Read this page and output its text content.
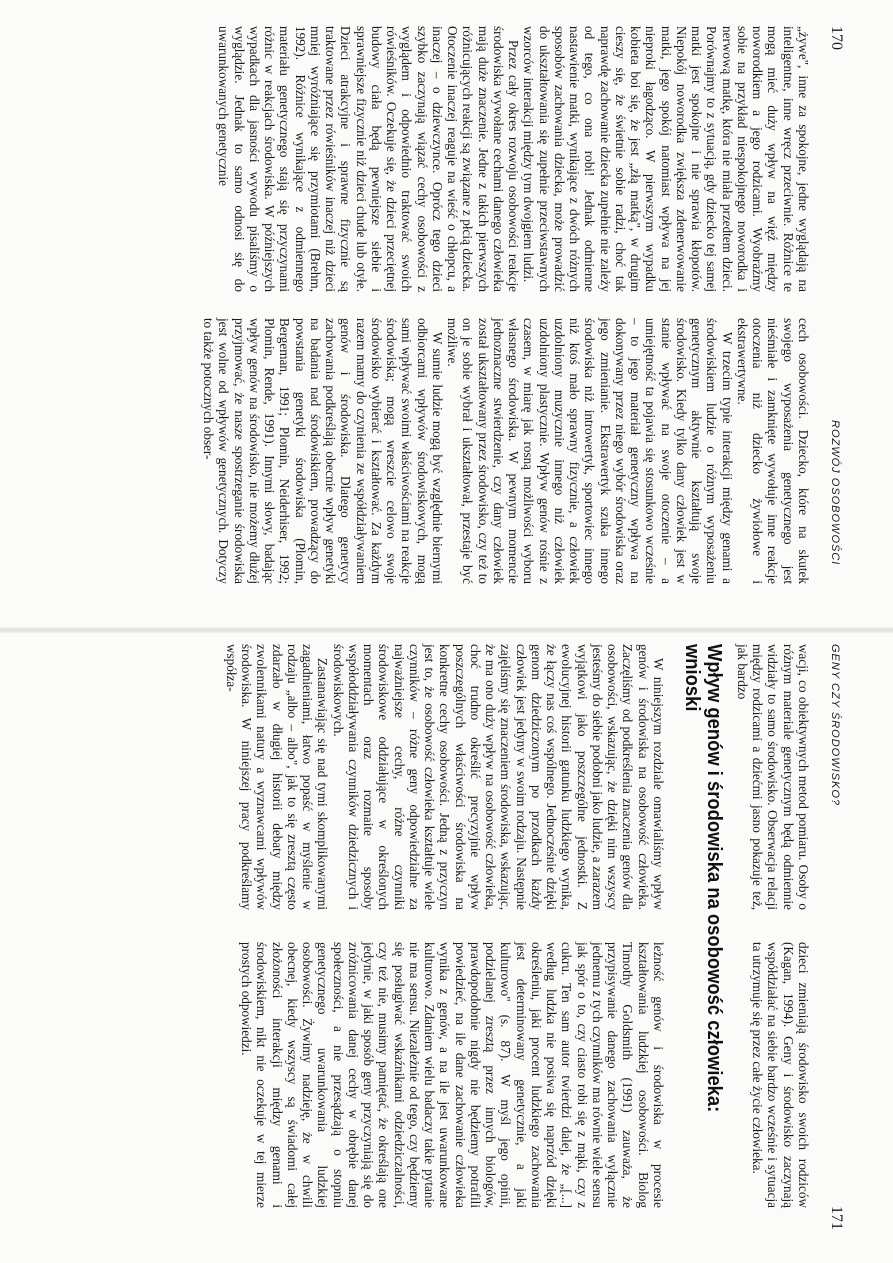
170
ROZWÓJ OSOBOWOŚCI

„żywe", inne za spokojne, jedne wyglądają na inteligentne, inne wręcz przeciwnie. Różnice te mogą mieć duży wpływ na więź między noworodkiem a jego rodzicami. Wyobraźmy sobie na przykład niespokojnego noworodka i nerwową matkę, która nie miała przedtem dzieci. Porównajmy to z sytuacją, gdy dziecko tej samej matki jest spokojne i nie sprawia kłopotów. Niepokój noworodka zwiększa zdenerwowanie matki, jego spokój natomiast wpływa na jej nieproki łagodząco. W pierwszym wypadku kobieta boi się, że jest „złą matką", w drugim cieszy się, że świetnie sobie radzi, choć tak naprawdę zachowanie dziecka zupełnie nie zależy od tego, co ona robi! Jednak odmienne nastawienie matki, wynikające z dwóch różnych sposobów zachowania dziecka, może prowadzić do ukształtowania się zupełnie przeciwstawnych wzorców interakcji między tym dwojgiem ludzi.

Przez cały okres rozwoju osobowości reakcje środowiska wywołane cechami danego człowieka mają duże znaczenie. Jedne z takich pierwszych różnicujących reakcji są związane z płcią dziecka. Otoczenie inaczej reaguje na wieść o chłopcu, a inaczej – o dziewczynce. Oprócz tego dzieci szybko zaczynają wiązać cechy osobowości z wyglądem i odpowiednio traktować swoich rówieśników. Oczekuje się, że dzieci przeciętnej budowy ciała będą pewniejsze siebie i sprawniejsze fizycznie niż dzieci chude lub otyłe. Dzieci atrakcyjne i sprawne fizycznie są traktowane przez rówieśników inaczej niż dzieci mniej wyróżniające się przymiotami (Brehm, 1992). Różnice wynikające z odmiennego materiału genetycznego stają się przyczynami różnic w reakcjach środowiska. W późniejszych wypadkach dla jasności wywodu pisaliśmy o wyglądzie. Jednak to samo odnosi się do uwarunkowanych genetycznie

cech osobowości. Dziecko, które na skutek swojego wyposażenia genetycznego jest nieśmiałe i zamknięte wywołuje inne reakcje otoczenia niż dziecko żywiołowe i ekstrawertywne.

W trzecim typie interakcji między genami a środowiskiem ludzie o różnym wyposażeniu genetycznym aktywnie kształtują swoje środowisko. Kiedy tylko dany człowiek jest w stanie wpływać na swoje otoczenie – a umiejętność ta pojawia się stosunkowo wcześnie – to jego materiał genetyczny wpływa na dokonywany przez niego wybór środowiska oraz jego zmienianie. Ekstrawertyk szuka innego środowiska niż introwertyk, sportowiec innego niż ktoś mało sprawny fizycznie, a człowiek uzdolniony muzycznie innego niż człowiek uzdolniony plastycznie. Wpływ genów rośnie z czasem, w miarę jak rosną możliwości wyboru własnego środowiska. W pewnym momencie jednoznaczne stwierdzenie, czy dany człowiek został ukształtowany przez środowisko, czy też to on je sobie wybrał i ukształtował, przestaje być możliwe.

W sumie ludzie mogą być względnie biernymi odbiorcami wpływów środowiskowych, mogą sami wpływać swoimi właściwościami na reakcje środowiska; mogą wreszcie celowo swoje środowisko wybierać i kształtować. Za każdym razem mamy do czynienia ze współdziaływaniem genów i środowiska. Dlatego genetycy zachowania podkreślają obecnie wpływ genetyki na badania nad środowiskiem, prowadzący do powstania genetyki środowiska (Plomin, Bergeman, 1991; Plomin, Neiderhiser, 1992; Plomin, Rende, 1991). Innymi słowy, badając wpływ genów na środowisko, nie możemy dłużej przyjmować, że nasze spostrzeganie środowiska jest wolne od wpływów genetycznych. Dotyczy to także potocznych obser-

GENY CZY ŚRODOWISKO?
171

wacji, co obiektywnych metod pomiaru. Osoby o różnym materiale genetycznym będą odmiennie widziały to samo środowisko. Obserwacja relacji między rodzicami a dziećmi jasno pokazuje też, jak bardzo

dzieci zmieniają środowisko swoich rodziców (Kagan, 1994). Geny i środowisko zaczynają współdziałać na siebie bardzo wcześnie i sytuacja ta utrzymuje się przez całe życie człowieka.

Wpływ genów i środowiska na osobowość człowieka:
wnioski

W niniejszym rozdziale omawialiśmy wpływ genów i środowiska na osobowość człowieka. Zaczęliśmy od podkreślenia znaczenia genów dla osobowości, wskazując, że dzięki nim wszyscy jesteśmy do siebie podobni jako ludzie, a zarazem wyjątkowi jako poszczególne jednostki. Z ewolucyjnej historii gatunku ludzkiego wynika, że łączy nas coś wspólnego. Jednocześnie dzięki genom dziedziczonym po przodkach każdy człowiek jest jedyny w swoim rodzaju. Następnie zajęliśmy się znaczeniem środowiska, wskazując, że ma ono duży wpływ na osobowość człowieka, choć trudno określić precyzyjnie wpływ poszczególnych właściwości środowiska na konkretne cechy osobowości. Jedną z przyczyn jest to, że osobowość człowieka kształtuje wiele czynników – różne geny odpowiedzialne za najważniejsze cechy, różne czynniki środowiskowe oddziałujące w określonych momentach oraz rozmaite sposoby współoddziaływania czynników dziedzicznych i środowiskowych.

Zastanawiając się nad tymi skomplikowanymi zagadnieniami, łatwo popaść w myślenie w rodzaju „albo – albo", jak to się zresztą często zdarzało w długiej historii debaty między zwolennikami natury a wyznawcami wpływów środowiska. W niniejszej pracy podkreślamy współza-

leżność genów i środowiska w procesie kształtowania ludzkiej osobowości. Biolog Timothy Goldsmith (1991) zauważa, że przypisywanie danego zachowania wyłącznie jednemu z tych czynników ma równie wiele sensu jak spór o to, czy ciasto robi się z mąki, czy z cukru. Ten sam autor twierdzi dalej, że „[...] według ludzka nie posiwa się naprzód dzięki określeniu, jaki procent ludzkiego zachowania jest determinowany genetycznie, a jaki kulturowo" (s. 87). W myśl jego opinii, podzielanej zresztą przez innych biologów, prawdopodobnie nigdy nie będziemy potrafili powiedzieć, na ile dane zachowanie człowieka wynika z genów, a na ile jest uwarunkowane kulturowo. Zdaniem wielu badaczy takie pytanie nie ma sensu. Niezależnie od tego, czy będziemy się posługiwać wskaźnikami odziedziczalności, czy też nie, musimy pamiętać, że określają one jedynie, w jaki sposób geny przyczyniają się do zróżnicowania danej cechy w obrębie danej społeczności, a nie przesądzają o stopniu genetycznego uwarunkowania ludzkiej osobowości. Żywimy nadzieję, że w chwili obecnej, kiedy wszyscy są świadomi całej złożoności interakcji między genami i środowiskiem, nikt nie oczekuje w tej mierze prostych odpowiedzi.
